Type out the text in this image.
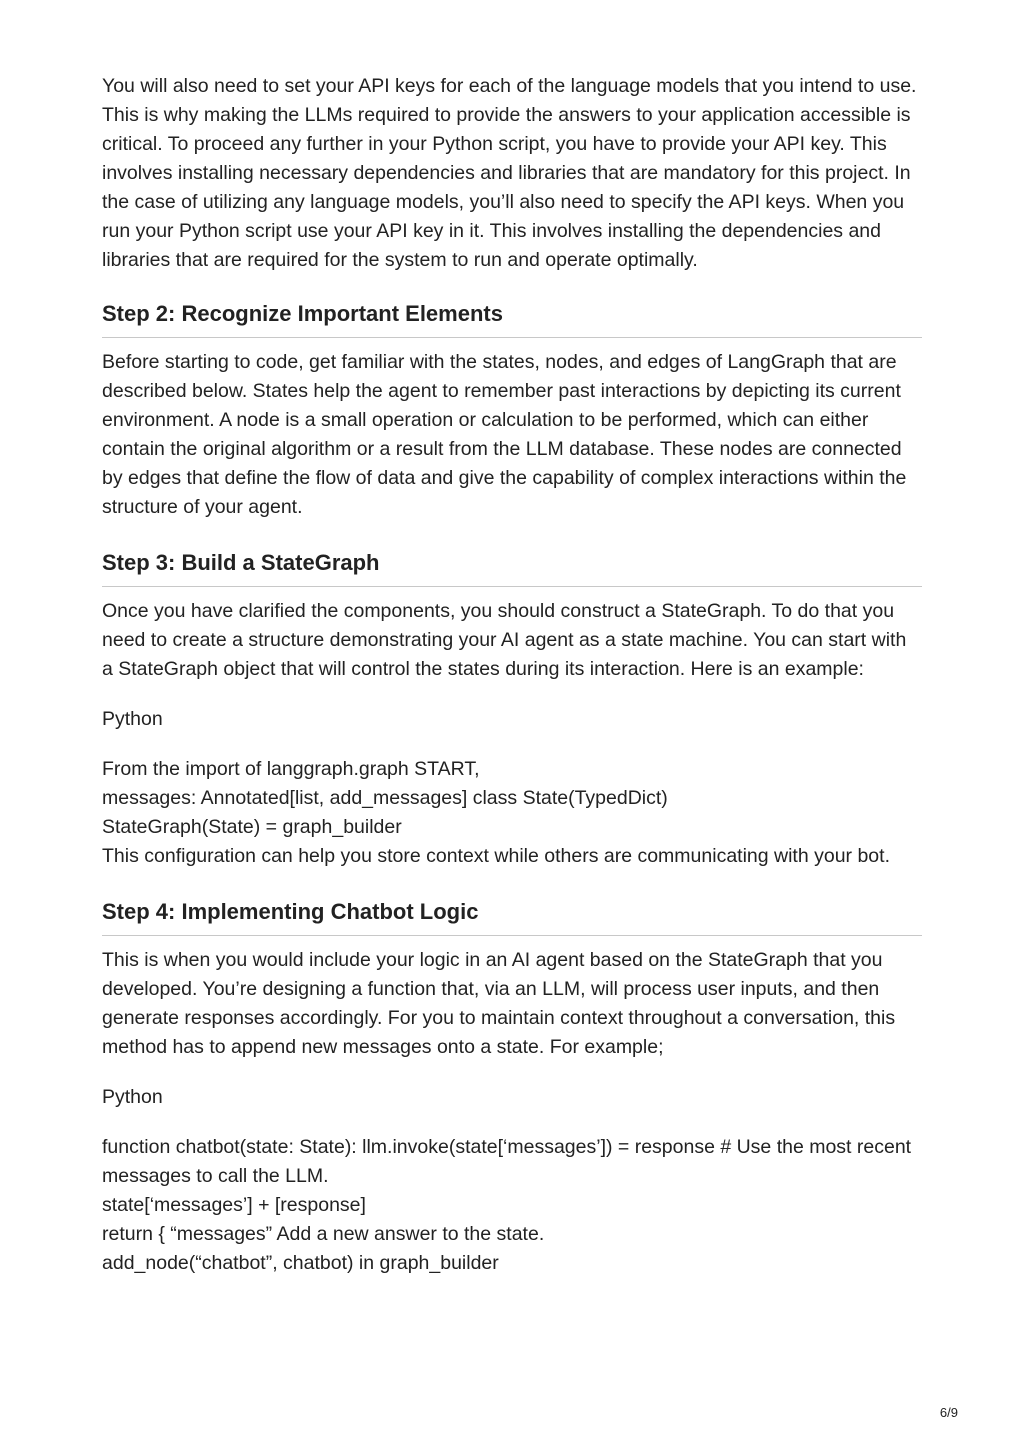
You will also need to set your API keys for each of the language models that you intend to use. This is why making the LLMs required to provide the answers to your application accessible is critical. To proceed any further in your Python script, you have to provide your API key. This involves installing necessary dependencies and libraries that are mandatory for this project. In the case of utilizing any language models, you’ll also need to specify the API keys. When you run your Python script use your API key in it. This involves installing the dependencies and libraries that are required for the system to run and operate optimally.

Step 2: Recognize Important Elements

Before starting to code, get familiar with the states, nodes, and edges of LangGraph that are described below. States help the agent to remember past interactions by depicting its current environment. A node is a small operation or calculation to be performed, which can either contain the original algorithm or a result from the LLM database. These nodes are connected by edges that define the flow of data and give the capability of complex interactions within the structure of your agent.

Step 3: Build a StateGraph

Once you have clarified the components, you should construct a StateGraph. To do that you need to create a structure demonstrating your AI agent as a state machine. You can start with a StateGraph object that will control the states during its interaction. Here is an example:

Python

From the import of langgraph.graph START,

messages: Annotated[list, add_messages] class State(TypedDict)

StateGraph(State) = graph_builder

This configuration can help you store context while others are communicating with your bot.

Step 4: Implementing Chatbot Logic

This is when you would include your logic in an AI agent based on the StateGraph that you developed. You’re designing a function that, via an LLM, will process user inputs, and then generate responses accordingly. For you to maintain context throughout a conversation, this method has to append new messages onto a state. For example;

Python

function chatbot(state: State): llm.invoke(state[‘messages’]) = response # Use the most recent messages to call the LLM.

state[‘messages’] + [response]

return { “messages” Add a new answer to the state.

add_node(“chatbot”, chatbot) in graph_builder

6/9
